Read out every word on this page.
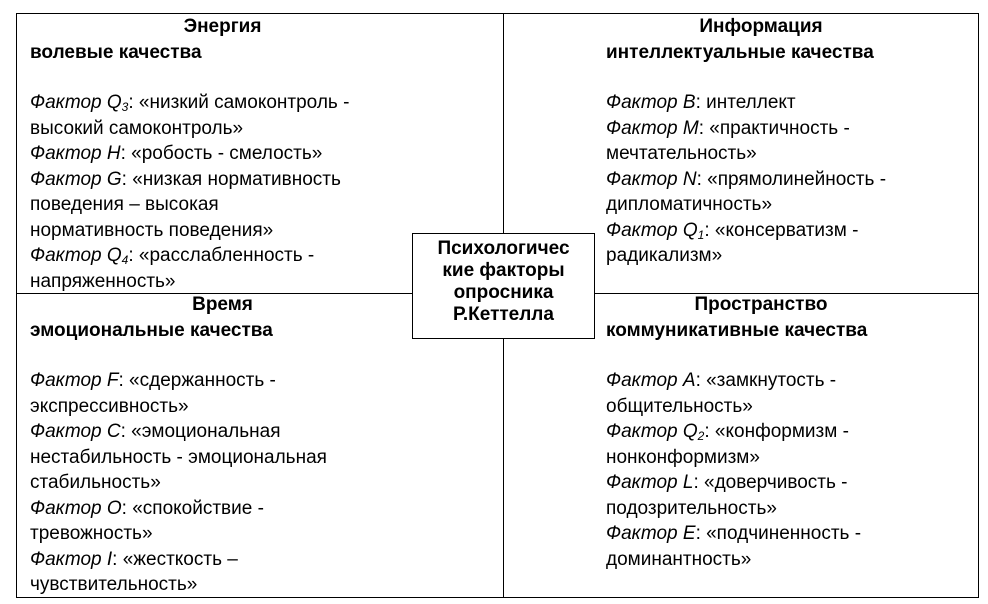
Энергия
волевые качества
Фактор $Q_3$: «низкий самоконтроль -
высокий самоконтроль»
Фактор H: «робость - смелость»
Фактор G: «низкая нормативность
поведения – высокая
нормативность поведения»
Фактор $Q_4$: «расслабленность -
напряженность»
Информация
интеллектуальные качества
Фактор B: интеллект
Фактор M: «практичность -
мечтательность»
Фактор N: «прямолинейность -
дипломатичность»
Фактор $Q_1$: «консерватизм -
радикализм»
Время
эмоциональные качества
Фактор F: «сдержанность -
экспрессивность»
Фактор C: «эмоциональная
нестабильность - эмоциональная
стабильность»
Фактор O: «спокойствие -
тревожность»
Фактор I: «жесткость –
чувствительность»
Пространство
коммуникативные качества
Фактор A: «замкнутость -
общительность»
Фактор $Q_2$: «конформизм -
нонконформизм»
Фактор L: «доверчивость -
подозрительность»
Фактор E: «подчиненность -
доминантность»
Психологичес
кие факторы
опросника
Р.Кеттелла
